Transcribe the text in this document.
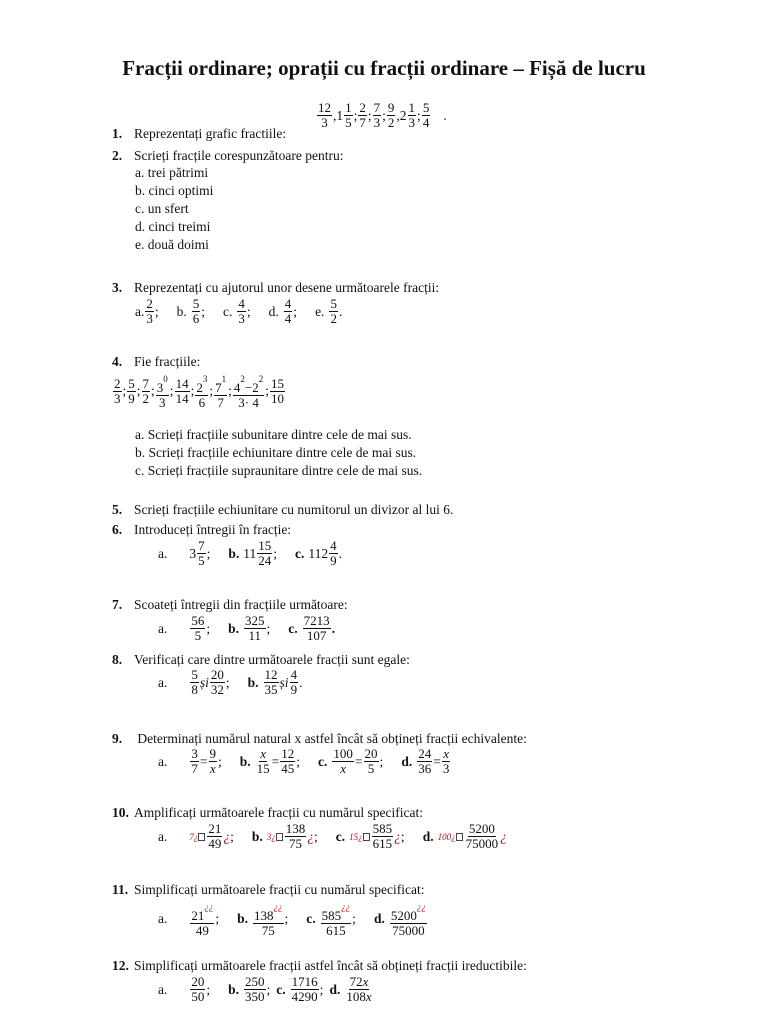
Fracții ordinare; oprații cu fracții ordinare – Fișă de lucru
1. Reprezentați grafic fractiile:
$\frac{12}{3}$ , $1 \frac{1}{5}$ ; $\frac{2}{7}$ ; $\frac{7}{3}$ ; $\frac{9}{2}$ , $2 \frac{1}{3}$ ; $\frac{5}{4}$ .
2. Scrieți fracțile corespunzătoare pentru:
a. trei pătrimi
b. cinci optimi
c. un sfert
d. cinci treimi
e. două doimi
3. Reprezentați cu ajutorul unor desene următoarele fracții:
a. $\frac{2}{3}$ ; b. $\frac{5}{6}$ ; c. $\frac{4}{3}$ ; d. $\frac{4}{4}$ ; e. $\frac{5}{2}$ .
4. Fie fracțiile:
$\frac{2}{3}$ ; $\frac{5}{9}$ ; $\frac{7}{2}$ ; $\frac{3^0}{3}$ ; $\frac{14}{14}$ ; $\frac{2^3}{6}$ ; $\frac{7^1}{7}$ ; $\frac{4^2-2^2}{3\cdot 4}$ ; $\frac{15}{10}$
a. Scrieți fracțiile subunitare dintre cele de mai sus.
b. Scrieți fracțiile echiunitare dintre cele de mai sus.
c. Scrieți fracțiile supraunitare dintre cele de mai sus.
5. Scrieți fracțiile echiunitare cu numitorul un divizor al lui 6.
6. Introduceți întregii în fracție:
a. $3 \frac{7}{5}$ ; b. $11 \frac{15}{24}$ ; c. $112 \frac{4}{9}$ .
7. Scoateți întregii din fracțiile următoare:
a. $\frac{56}{5}$ ; b. $\frac{325}{11}$ ; c. $\frac{7213}{107}$ .
8. Verificați care dintre următoarele fracții sunt egale:
a. $\frac{5}{8}$ și $\frac{20}{32}$ ; b. $\frac{12}{35}$ și $\frac{4}{9}$ .
9. Determinați numărul natural x astfel încât să obțineți fracții echivalente:
a. $\frac{3}{7} = \frac{9}{x}$ ; b. $\frac{x}{15} = \frac{12}{45}$ ; c. $\frac{100}{x} = \frac{20}{5}$ ; d. $\frac{24}{36} = \frac{x}{3}$
10. Amplificați următoarele fracții cu numărul specificat:
a. 7¿ $\frac{21}{49}$ ¿ ; b. 3¿ $\frac{138}{75}$ ¿ ; c. 15¿ $\frac{585}{615}$ ¿ ; d. 100¿ $\frac{5200}{75000}$ ¿
11. Simplificați următoarele fracții cu numărul specificat:
a. $\frac{21^{¿¿}}{49}$ ; b. $\frac{138^{¿¿}}{75}$ ; c. $\frac{585^{¿¿}}{615}$ ; d. $\frac{5200^{¿¿}}{75000}$
12. Simplificați următoarele fracții astfel încât să obțineți fracții ireductibile:
a. $\frac{20}{50}$ ; b. $\frac{250}{350}$ ; c. $\frac{1716}{4290}$ ; d. $\frac{72x}{108x}$
